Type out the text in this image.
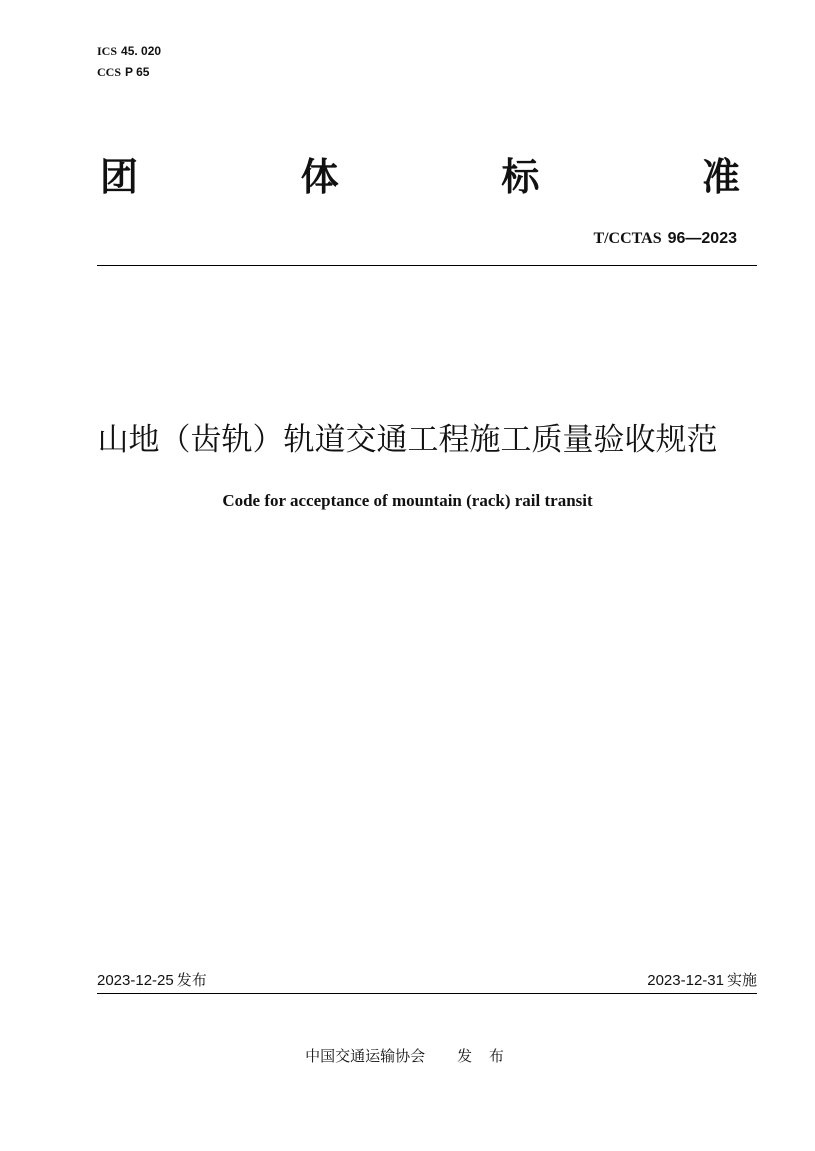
ICS 45. 020
CCS P 65
团	体	标	准
T/CCTAS 96—2023
山地（齿轨）轨道交通工程施工质量验收规范
Code for acceptance of mountain (rack) rail transit
2023-12-25 发布	2023-12-31 实施
中国交通运输协会 发 布
